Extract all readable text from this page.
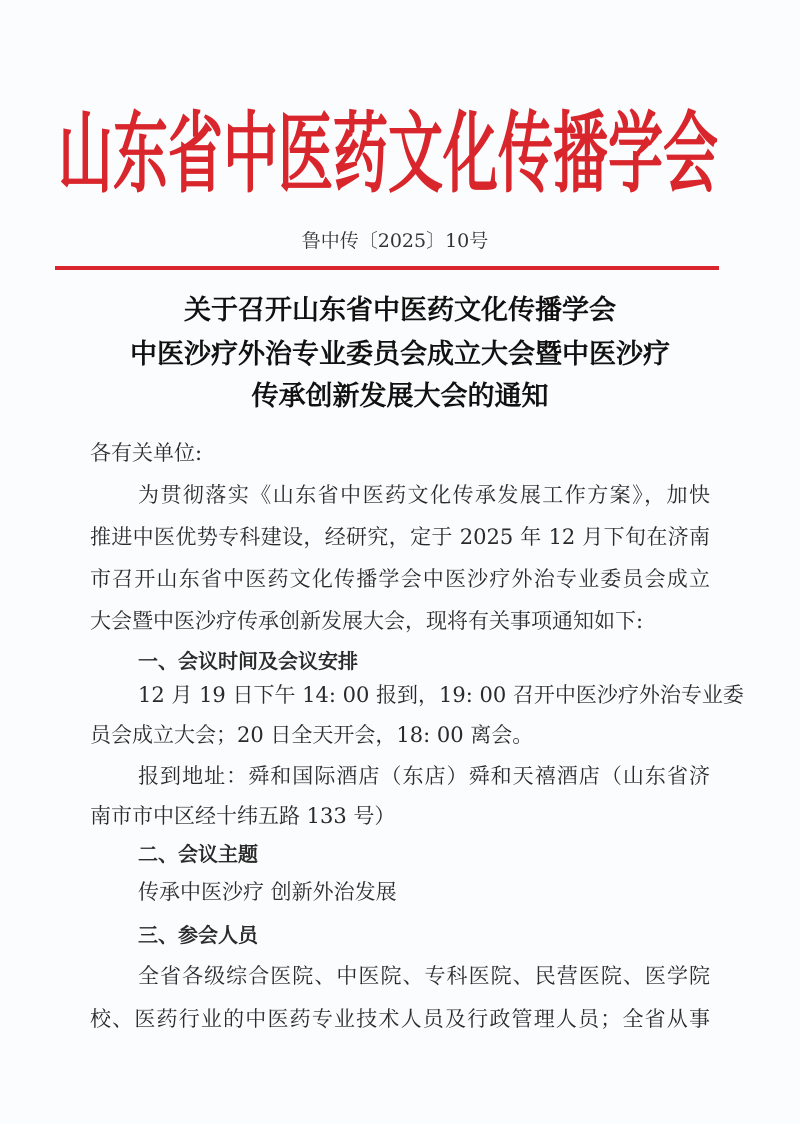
山东省中医药文化传播学会
鲁中传〔2025〕10号
关于召开山东省中医药文化传播学会
中医沙疗外治专业委员会成立大会暨中医沙疗
传承创新发展大会的通知
各有关单位:
为贯彻落实《山东省中医药文化传承发展工作方案》，加快
推进中医优势专科建设，经研究，定于 2025 年 12 月下旬在济南
市召开山东省中医药文化传播学会中医沙疗外治专业委员会成立
大会暨中医沙疗传承创新发展大会，现将有关事项通知如下:
一、会议时间及会议安排
12 月 19 日下午 14: 00 报到，19: 00 召开中医沙疗外治专业委
员会成立大会；20 日全天开会，18: 00 离会。
报到地址：舜和国际酒店（东店）舜和天禧酒店（山东省济
南市市中区经十纬五路 133 号）
二、会议主题
传承中医沙疗 创新外治发展
三、参会人员
全省各级综合医院、中医院、专科医院、民营医院、医学院
校、医药行业的中医药专业技术人员及行政管理人员；全省从事
